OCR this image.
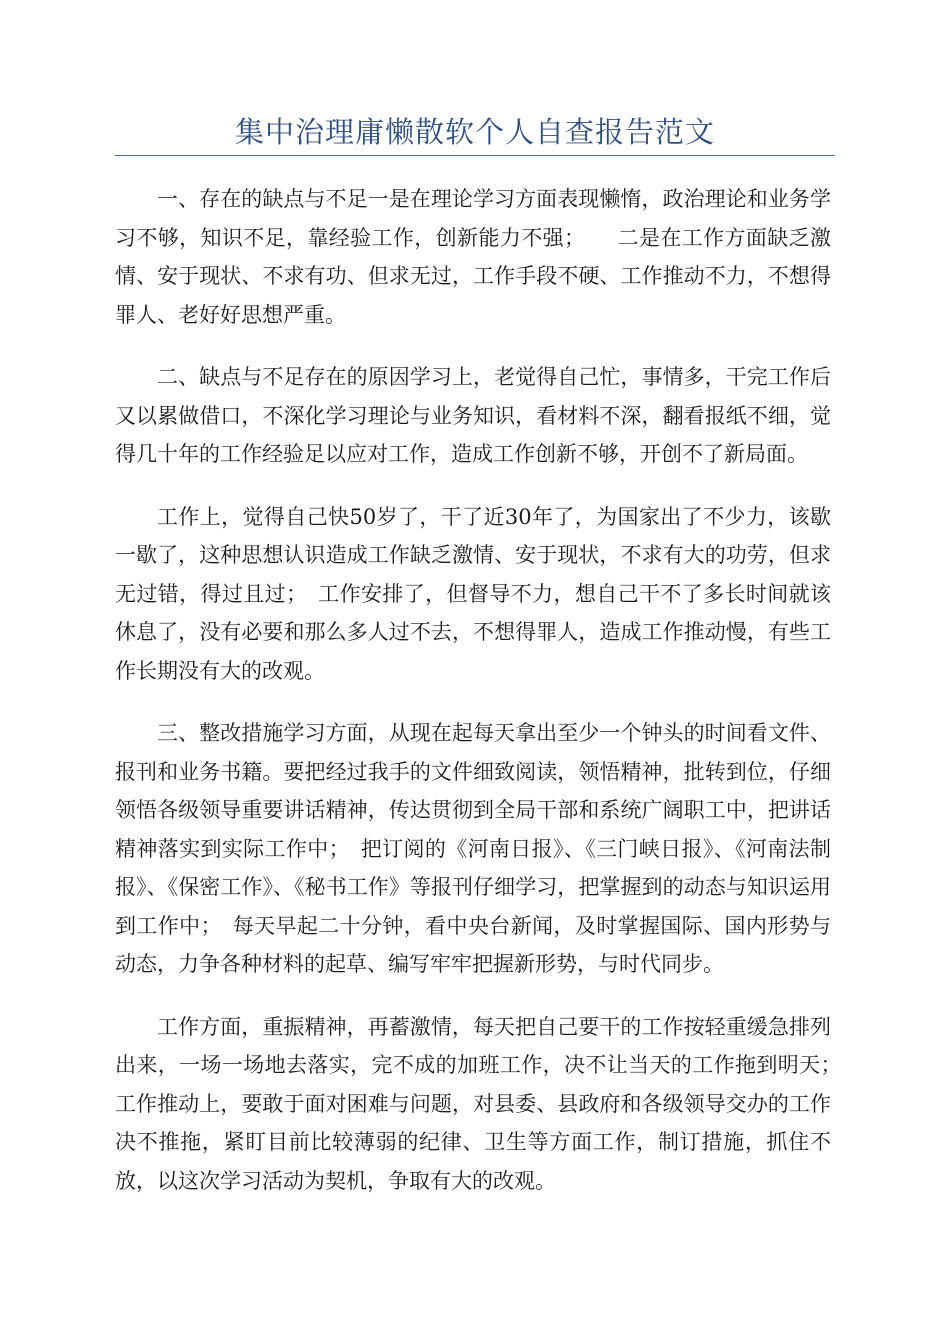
集中治理庸懒散软个人自查报告范文

一、存在的缺点与不足一是在理论学习方面表现懒惰，政治理论和业务学习不够，知识不足，靠经验工作，创新能力不强；　　二是在工作方面缺乏激情、安于现状、不求有功、但求无过，工作手段不硬、工作推动不力，不想得罪人、老好好思想严重。

二、缺点与不足存在的原因学习上，老觉得自己忙，事情多，干完工作后又以累做借口，不深化学习理论与业务知识，看材料不深，翻看报纸不细，觉得几十年的工作经验足以应对工作，造成工作创新不够，开创不了新局面。

工作上，觉得自己快50岁了，干了近30年了，为国家出了不少力，该歇一歇了，这种思想认识造成工作缺乏激情、安于现状，不求有大的功劳，但求无过错，得过且过；　工作安排了，但督导不力，想自己干不了多长时间就该休息了，没有必要和那么多人过不去，不想得罪人，造成工作推动慢，有些工作长期没有大的改观。

三、整改措施学习方面，从现在起每天拿出至少一个钟头的时间看文件、报刊和业务书籍。要把经过我手的文件细致阅读，领悟精神，批转到位，仔细领悟各级领导重要讲话精神，传达贯彻到全局干部和系统广阔职工中，把讲话精神落实到实际工作中；　把订阅的《河南日报》、《三门峡日报》、《河南法制报》、《保密工作》、《秘书工作》等报刊仔细学习，把掌握到的动态与知识运用到工作中；　每天早起二十分钟，看中央台新闻，及时掌握国际、国内形势与动态，力争各种材料的起草、编写牢牢把握新形势，与时代同步。

工作方面，重振精神，再蓄激情，每天把自己要干的工作按轻重缓急排列出来，一场一场地去落实，完不成的加班工作，决不让当天的工作拖到明天；　工作推动上，要敢于面对困难与问题，对县委、县政府和各级领导交办的工作决不推拖，紧盯目前比较薄弱的纪律、卫生等方面工作，制订措施，抓住不放，以这次学习活动为契机，争取有大的改观。
